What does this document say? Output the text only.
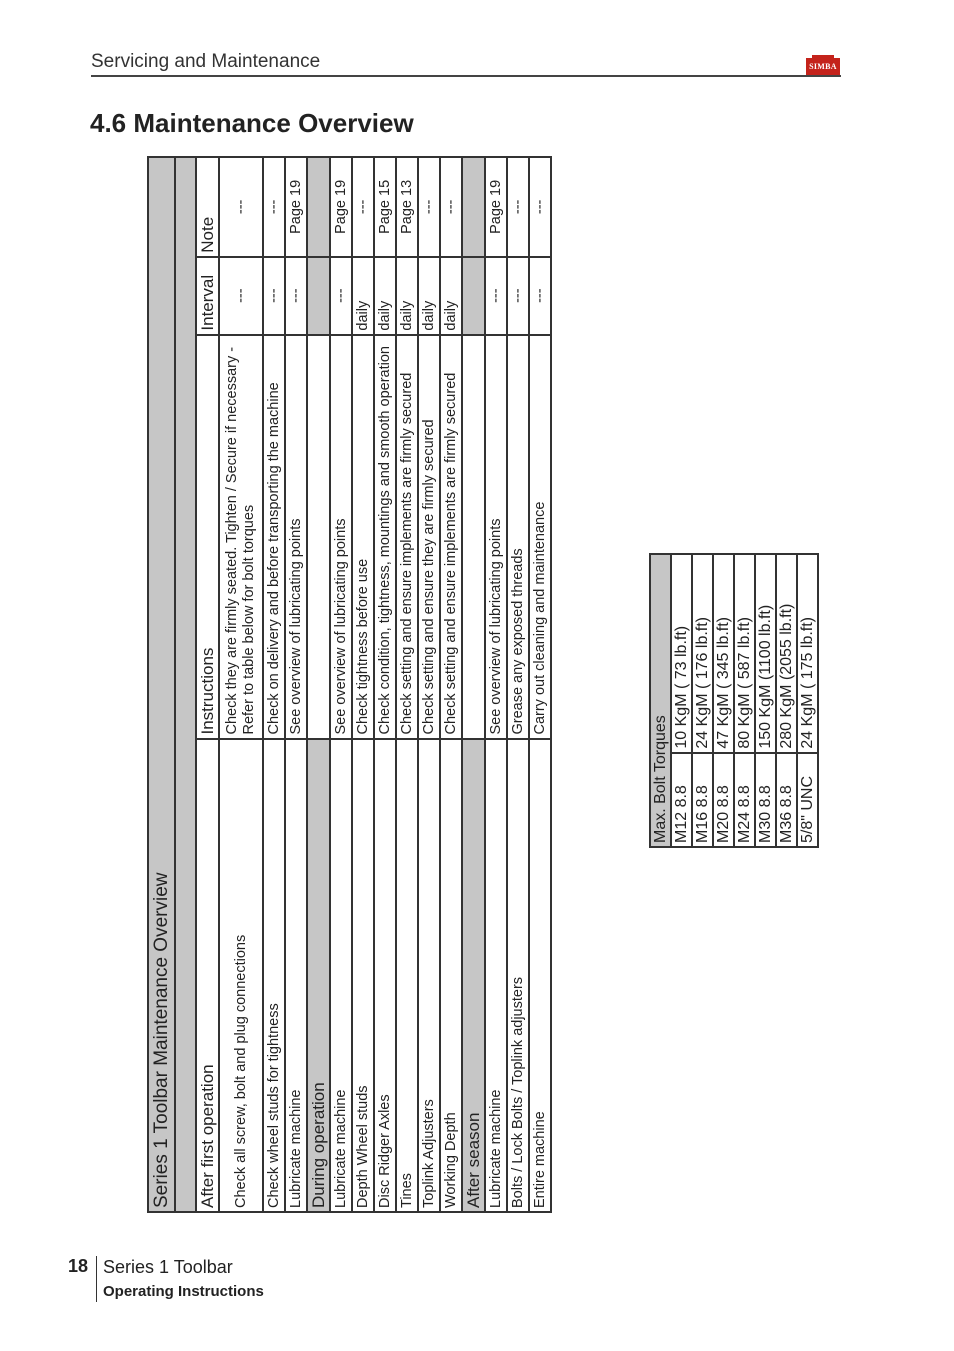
Servicing and Maintenance	SIMBA
4.6 Maintenance Overview
Series 1 Toolbar Maintenance Overview			

After first operation	Instructions	Interval	Note
Check all screw, bolt and plug connections	Check they are firmly seated. Tighten / Secure if necessary - Refer to table below for bolt torques	---	---
Check wheel studs for tightness	Check on delivery and before transporting the machine	---	---
Lubricate machine	See overview of lubricating points	---	Page 19
During operation			
Lubricate machine	See overview of lubricating points	---	Page 19
Depth Wheel studs	Check tightness before use	daily	---
Disc Ridger Axles	Check condition, tightness, mountings and smooth operation	daily	Page 15
Tines	Check setting and ensure implements are firmly secured	daily	Page 13
Toplink Adjusters	Check setting and ensure they are firmly secured	daily	---
Working Depth	Check setting and ensure implements are firmly secured	daily	---
After season			
Lubricate machine	See overview of lubricating points	---	Page 19
Bolts / Lock Bolts / Toplink adjusters	Grease any exposed threads	---	---
Entire machine	Carry out cleaning and maintenance	---	---
Max. Bolt Torques	
M12 8.8	10 KgM ( 73 lb.ft)
M16 8.8	24 KgM ( 176 lb.ft)
M20 8.8	47 KgM ( 345 lb.ft)
M24 8.8	80 KgM ( 587 lb.ft)
M30 8.8	150 KgM (1100 lb.ft)
M36 8.8	280 KgM (2055 lb.ft)
5/8" UNC	24 KgM ( 175 lb.ft)
18 Series 1 Toolbar
Operating Instructions
